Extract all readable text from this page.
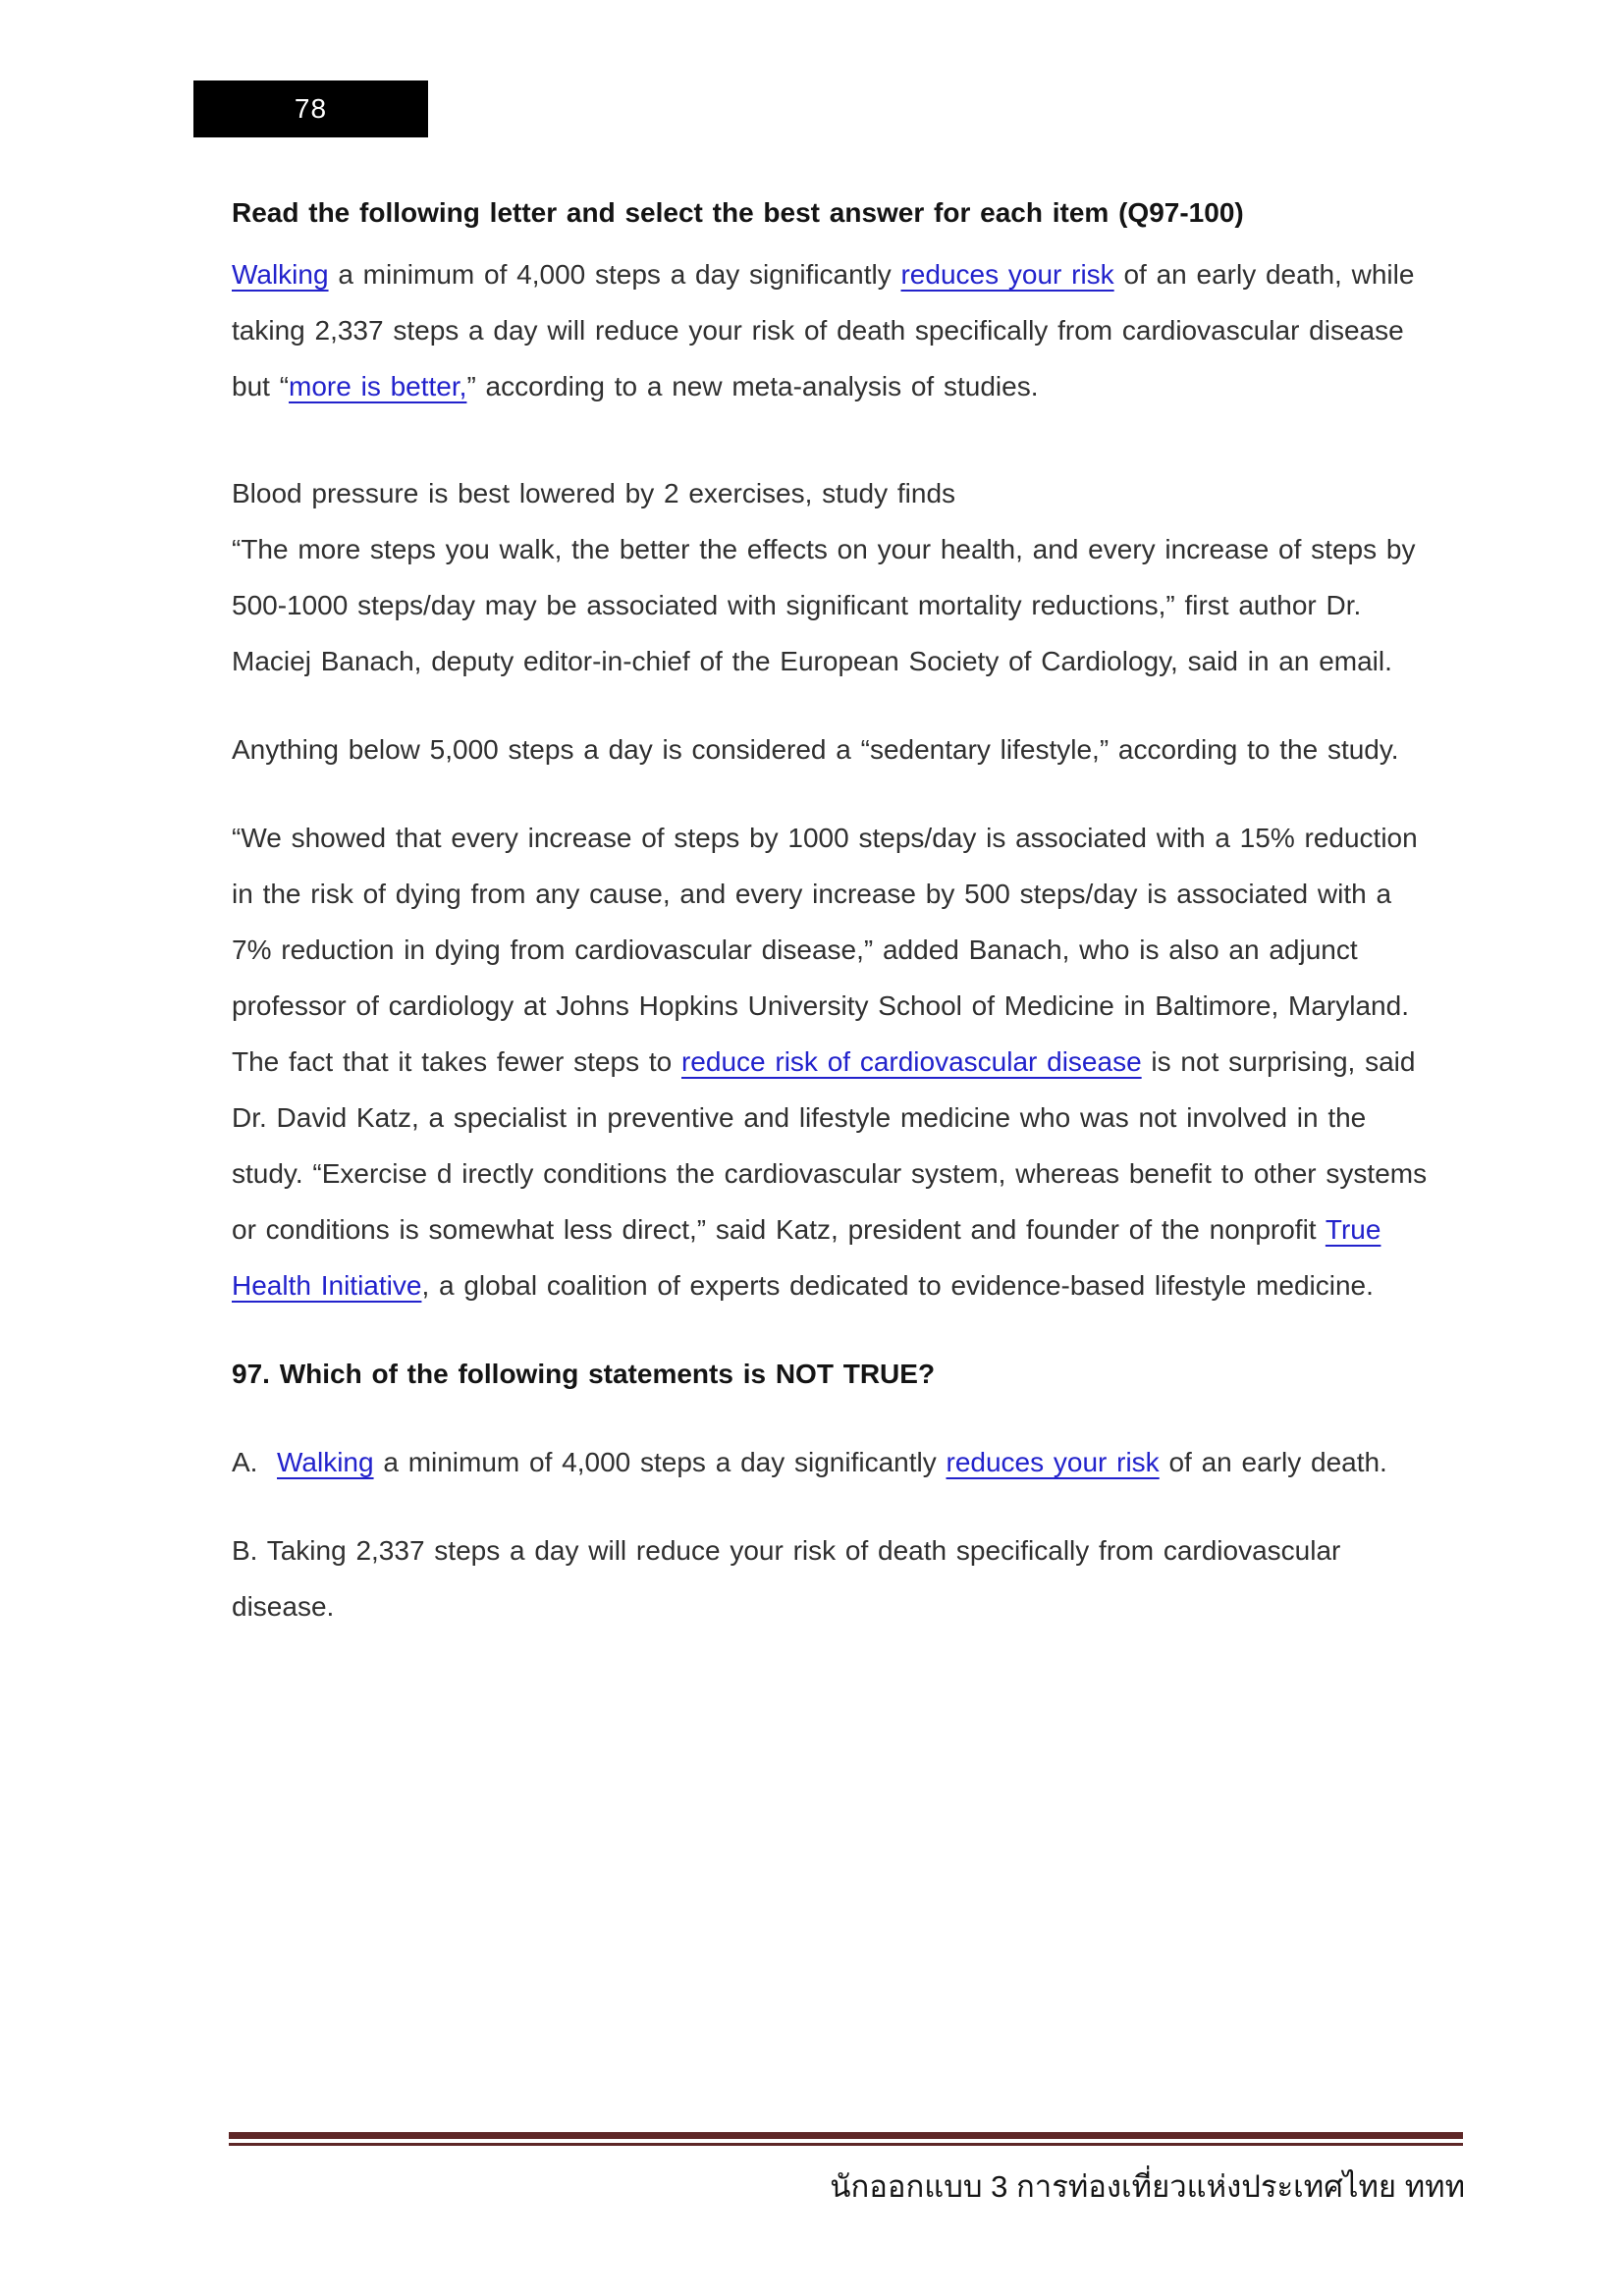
78

Read the following letter and select the best answer for each item (Q97-100)

Walking a minimum of 4,000 steps a day significantly reduces your risk of an early death, while taking 2,337 steps a day will reduce your risk of death specifically from cardiovascular disease but “more is better,” according to a new meta-analysis of studies.

Blood pressure is best lowered by 2 exercises, study finds
“The more steps you walk, the better the effects on your health, and every increase of steps by 500-1000 steps/day may be associated with significant mortality reductions,” first author Dr. Maciej Banach, deputy editor-in-chief of the European Society of Cardiology, said in an email.

Anything below 5,000 steps a day is considered a “sedentary lifestyle,” according to the study.

“We showed that every increase of steps by 1000 steps/day is associated with a 15% reduction in the risk of dying from any cause, and every increase by 500 steps/day is associated with a 7% reduction in dying from cardiovascular disease,” added Banach, who is also an adjunct professor of cardiology at Johns Hopkins University School of Medicine in Baltimore, Maryland. The fact that it takes fewer steps to reduce risk of cardiovascular disease is not surprising, said Dr. David Katz, a specialist in preventive and lifestyle medicine who was not involved in the study. “Exercise d irectly conditions the cardiovascular system, whereas benefit to other systems or conditions is somewhat less direct,” said Katz, president and founder of the nonprofit True Health Initiative, a global coalition of experts dedicated to evidence-based lifestyle medicine.

97. Which of the following statements is NOT TRUE?

A.  Walking a minimum of 4,000 steps a day significantly reduces your risk of an early death.

B. Taking 2,337 steps a day will reduce your risk of death specifically from cardiovascular disease.

นักออกแบบ 3 การท่องเที่ยวแห่งประเทศไทย ททท
